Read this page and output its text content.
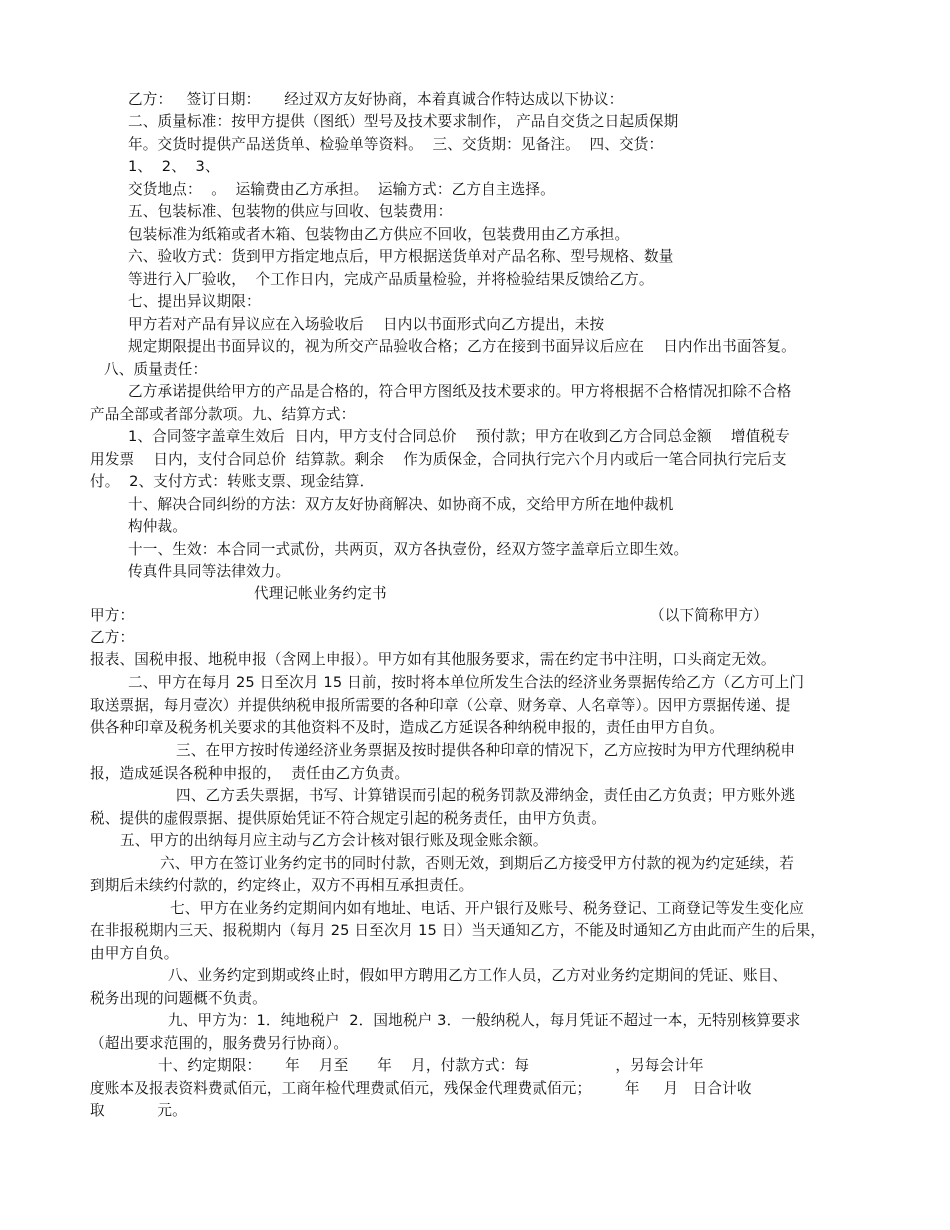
乙方：   签订日期：     经过双方友好协商，本着真诚合作特达成以下协议：
二、质量标准：按甲方提供（图纸）型号及技术要求制作， 产品自交货之日起质保期
年。交货时提供产品送货单、检验单等资料。  三、交货期：见备注。  四、交货：
1、  2、  3、
交货地点：  。  运输费由乙方承担。  运输方式：乙方自主选择。
五、包装标准、包装物的供应与回收、包装费用：
包装标准为纸箱或者木箱、包装物由乙方供应不回收，包装费用由乙方承担。
六、验收方式：货到甲方指定地点后，甲方根据送货单对产品名称、型号规格、数量
等进行入厂验收，  个工作日内，完成产品质量检验，并将检验结果反馈给乙方。
七、提出异议期限：
甲方若对产品有异议应在入场验收后    日内以书面形式向乙方提出，未按
规定期限提出书面异议的，视为所交产品验收合格；乙方在接到书面异议后应在    日内作出书面答复。
八、质量责任：
乙方承诺提供给甲方的产品是合格的，符合甲方图纸及技术要求的。甲方将根据不合格情况扣除不合格
产品全部或者部分款项。九、结算方式：
1、合同签字盖章生效后  日内，甲方支付合同总价    预付款；甲方在收到乙方合同总金额    增值税专
用发票    日内，支付合同总价  结算款。剩余    作为质保金，合同执行完六个月内或后一笔合同执行完后支
付。  2、支付方式：转账支票、现金结算．
十、解决合同纠纷的方法：双方友好协商解决、如协商不成，交给甲方所在地仲裁机
构仲裁。
十一、生效：本合同一式贰份，共两页，双方各执壹份，经双方签字盖章后立即生效。
传真件具同等法律效力。
代理记帐业务约定书
甲方：	（以下简称甲方）
乙方：
报表、国税申报、地税申报（含网上申报）。甲方如有其他服务要求，需在约定书中注明，口头商定无效。
二、甲方在每月 25 日至次月 15 日前，按时将本单位所发生合法的经济业务票据传给乙方（乙方可上门
取送票据，每月壹次）并提供纳税申报所需要的各种印章（公章、财务章、人名章等）。因甲方票据传递、提
供各种印章及税务机关要求的其他资料不及时，造成乙方延误各种纳税申报的，责任由甲方自负。
三、在甲方按时传递经济业务票据及按时提供各种印章的情况下，乙方应按时为甲方代理纳税申
报，造成延误各税种申报的，  责任由乙方负责。
四、乙方丢失票据，书写、计算错误而引起的税务罚款及滞纳金，责任由乙方负责；甲方账外逃
税、提供的虚假票据、提供原始凭证不符合规定引起的税务责任，由甲方负责。
五、甲方的出纳每月应主动与乙方会计核对银行账及现金账余额。
六、甲方在签订业务约定书的同时付款，否则无效，到期后乙方接受甲方付款的视为约定延续，若
到期后未续约付款的，约定终止，双方不再相互承担责任。
七、甲方在业务约定期间内如有地址、电话、开户银行及账号、税务登记、工商登记等发生变化应
在非报税期内三天、报税期内（每月 25 日至次月 15 日）当天通知乙方，不能及时通知乙方由此而产生的后果，
由甲方自负。
八、业务约定到期或终止时，假如甲方聘用乙方工作人员，乙方对业务约定期间的凭证、账目、
税务出现的问题概不负责。
九、甲方为：1．纯地税户  2．国地税户 3．一般纳税人，每月凭证不超过一本，无特别核算要求
（超出要求范围的，服务费另行协商）。
十、约定期限：     年    月至      年    月，付款方式：每                  ，另每会计年
度账本及报表资料费贰佰元，工商年检代理费贰佰元，残保金代理费贰佰元；       年     月   日合计收
取           元。
